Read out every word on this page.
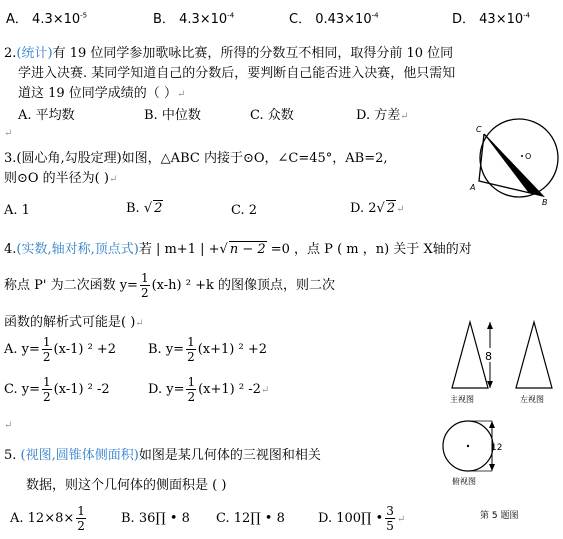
A． $4.3\times 10^{-5}$	B． $4.3\times 10^{-4}$	C． $0.43\times 10^{-4}$	D． $43\times 10^{-4}$
2.(统计)有 19 位同学参加歌咏比赛，所得的分数互不相同，取得分前 10 位同
学进入决赛. 某同学知道自己的分数后，要判断自己能否进入决赛，他只需知
道这 19 位同学成绩的（ ）↵
A. 平均数	B. 中位数	C. 众数	D. 方差↵
↵
3.(圆心角,勾股定理)如图，△ABC 内接于⊙O，∠C=45°，AB=2,
则⊙O 的半径为( )↵
A. 1	B. √ 2	C. 2	D. 2√ 2↵
C
O
A
B
4.(实数,轴对称,顶点式)若 | m+1 | +√ n − 2 =0 ，点 P ( m ，n) 关于 X轴的对
称点 P' 为二次函数 $y= \frac{1}{2} (x-h)$ ² +k 的图像顶点，则二次
函数的解析式可能是( )↵
A. $y= \frac{1}{2} (x-1)$ ² +2 B. $y= \frac{1}{2} (x+1)$ ² +2
C. $y= \frac{1}{2} (x-1)$ ² -2	D. $y= \frac{1}{2} (x+1)$ ² -2↵
↵
5. (视图,圆锥体侧面积)如图是某几何体的三视图和相关
数据，则这个几何体的侧面积是 ( )
A. $12\times 8\times \frac{1}{2}$	B. 36∏ • 8 C. 12∏ • 8	D. 100∏ • $\frac{3}{5}$ ↵
8
主视图	左视图
12
俯视图
第 5 题图
